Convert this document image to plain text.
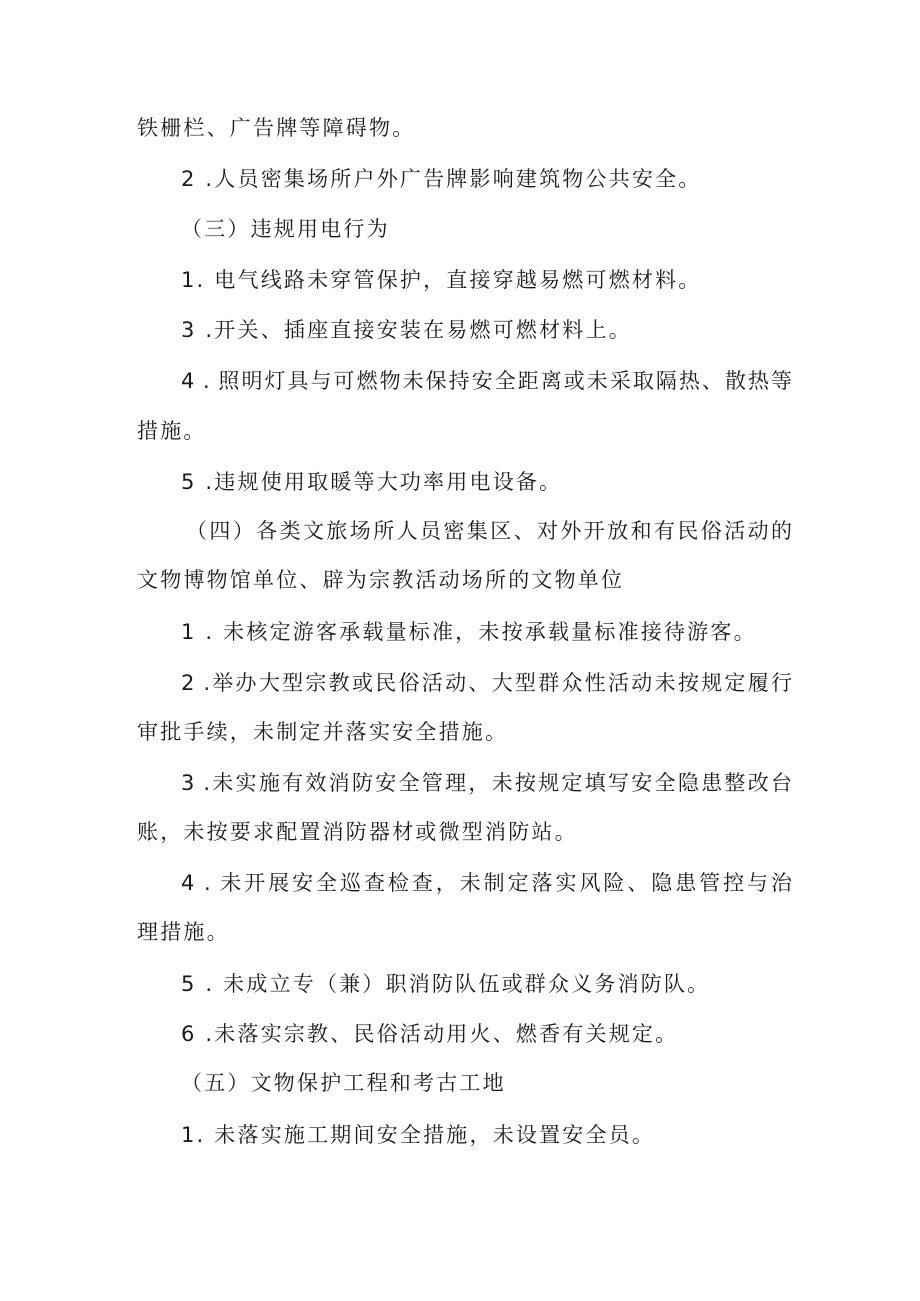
铁栅栏、广告牌等障碍物。
2 .人员密集场所户外广告牌影响建筑物公共安全。
（三）违规用电行为
1. 电气线路未穿管保护，直接穿越易燃可燃材料。
3 .开关、插座直接安装在易燃可燃材料上。
4 . 照明灯具与可燃物未保持安全距离或未采取隔热、散热等
措施。
5 .违规使用取暖等大功率用电设备。
（四）各类文旅场所人员密集区、对外开放和有民俗活动的
文物博物馆单位、辟为宗教活动场所的文物单位
1 . 未核定游客承载量标准，未按承载量标准接待游客。
2 .举办大型宗教或民俗活动、大型群众性活动未按规定履行
审批手续，未制定并落实安全措施。
3 .未实施有效消防安全管理，未按规定填写安全隐患整改台
账，未按要求配置消防器材或微型消防站。
4 . 未开展安全巡查检查，未制定落实风险、隐患管控与治
理措施。
5 . 未成立专（兼）职消防队伍或群众义务消防队。
6 .未落实宗教、民俗活动用火、燃香有关规定。
（五）文物保护工程和考古工地
1. 未落实施工期间安全措施，未设置安全员。
